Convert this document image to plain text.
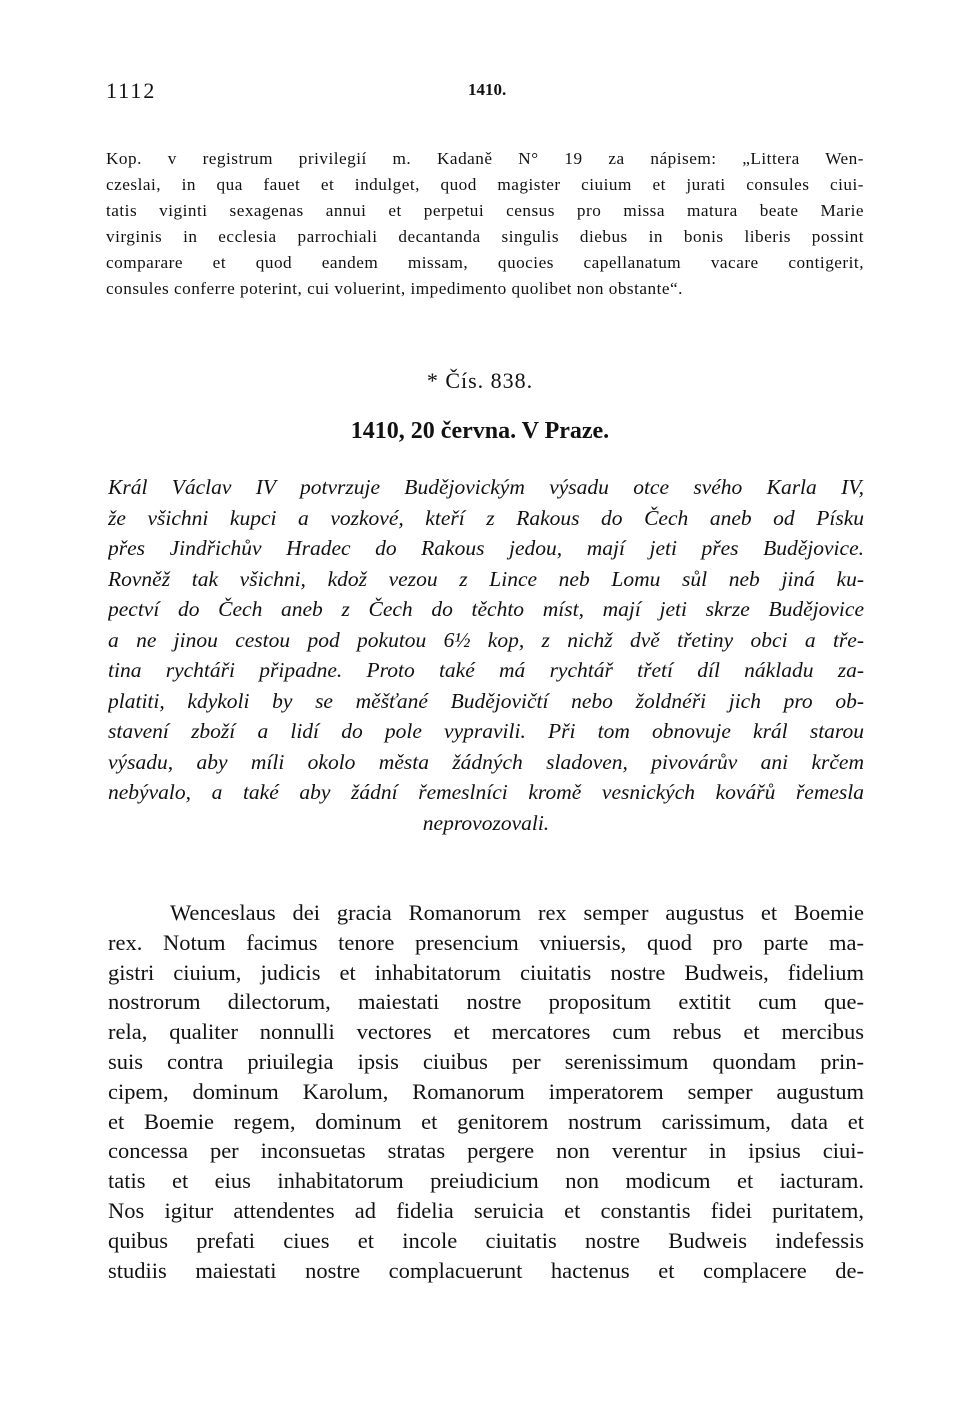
1112	1410.
Kop. v registrum privilegií m. Kadaně N° 19 za nápisem: „Littera Wen-
czeslai, in qua fauet et indulget, quod magister ciuium et jurati consules ciui-
tatis viginti sexagenas annui et perpetui census pro missa matura beate Marie
virginis in ecclesia parrochiali decantanda singulis diebus in bonis liberis possint
comparare et quod eandem missam, quocies capellanatum vacare contigerit,
consules conferre poterint, cui voluerint, impedimento quolibet non obstante“.
* Čís. 838.
1410, 20 června. V Praze.
Král Václav IV potvrzuje Budějovickým výsadu otce svého Karla IV,
že všichni kupci a vozkové, kteří z Rakous do Čech aneb od Písku
přes Jindřichův Hradec do Rakous jedou, mají jeti přes Budějovice.
Rovněž tak všichni, kdož vezou z Lince neb Lomu sůl neb jiná ku-
pectví do Čech aneb z Čech do těchto míst, mají jeti skrze Budějovice
a ne jinou cestou pod pokutou 6½ kop, z nichž dvě třetiny obci a tře-
tina rychtáři připadne. Proto také má rychtář třetí díl nákladu za-
platiti, kdykoli by se měšťané Budějovičtí nebo žoldnéři jich pro ob-
stavení zboží a lidí do pole vypravili. Při tom obnovuje král starou
výsadu, aby míli okolo města žádných sladoven, pivovárův ani krčem
nebývalo, a také aby žádní řemeslníci kromě vesnických kovářů řemesla
neprovozovali.
Wenceslaus dei gracia Romanorum rex semper augustus et Boemie
rex. Notum facimus tenore presencium vniuersis, quod pro parte ma-
gistri ciuium, judicis et inhabitatorum ciuitatis nostre Budweis, fidelium
nostrorum dilectorum, maiestati nostre propositum extitit cum que-
rela, qualiter nonnulli vectores et mercatores cum rebus et mercibus
suis contra priuilegia ipsis ciuibus per serenissimum quondam prin-
cipem, dominum Karolum, Romanorum imperatorem semper augustum
et Boemie regem, dominum et genitorem nostrum carissimum, data et
concessa per inconsuetas stratas pergere non verentur in ipsius ciui-
tatis et eius inhabitatorum preiudicium non modicum et iacturam.
Nos igitur attendentes ad fidelia seruicia et constantis fidei puritatem,
quibus prefati ciues et incole ciuitatis nostre Budweis indefessis
studiis maiestati nostre complacuerunt hactenus et complacere de-
